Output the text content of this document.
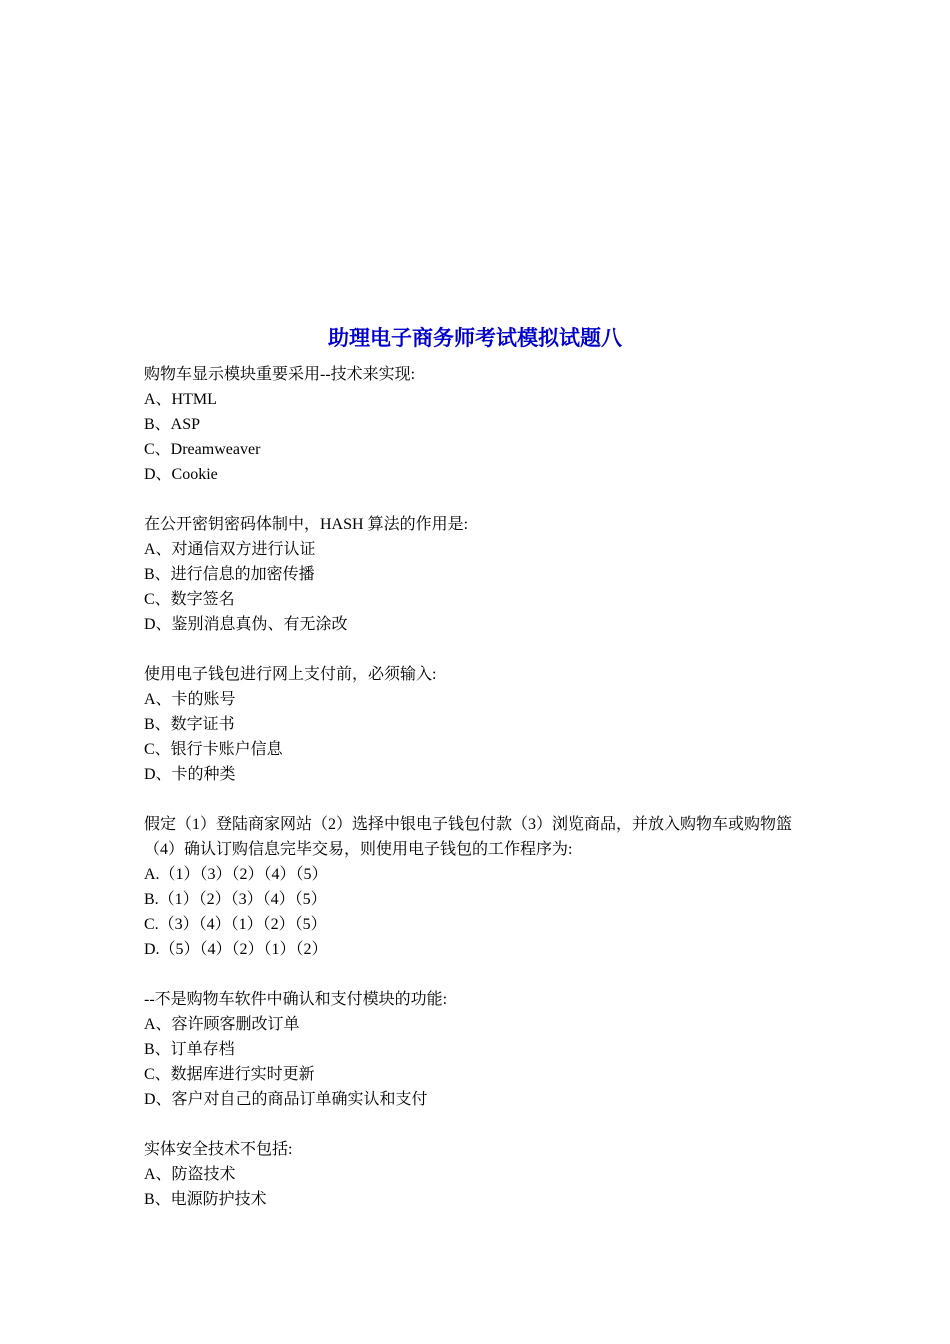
助理电子商务师考试模拟试题八
购物车显示模块重要采用--技术来实现:
A、HTML
B、ASP
C、Dreamweaver
D、Cookie
在公开密钥密码体制中，HASH 算法的作用是:
A、对通信双方进行认证
B、进行信息的加密传播
C、数字签名
D、鉴别消息真伪、有无涂改
使用电子钱包进行网上支付前，必须输入:
A、卡的账号
B、数字证书
C、银行卡账户信息
D、卡的种类
假定（1）登陆商家网站（2）选择中银电子钱包付款（3）浏览商品，并放入购物车或购物篮（4）确认订购信息完毕交易，则使用电子钱包的工作程序为:
A.（1）（3）（2）（4）（5）
B.（1）（2）（3）（4）（5）
C.（3）（4）（1）（2）（5）
D.（5）（4）（2）（1）（2）
--不是购物车软件中确认和支付模块的功能:
A、容许顾客删改订单
B、订单存档
C、数据库进行实时更新
D、客户对自己的商品订单确实认和支付
实体安全技术不包括:
A、防盗技术
B、电源防护技术
